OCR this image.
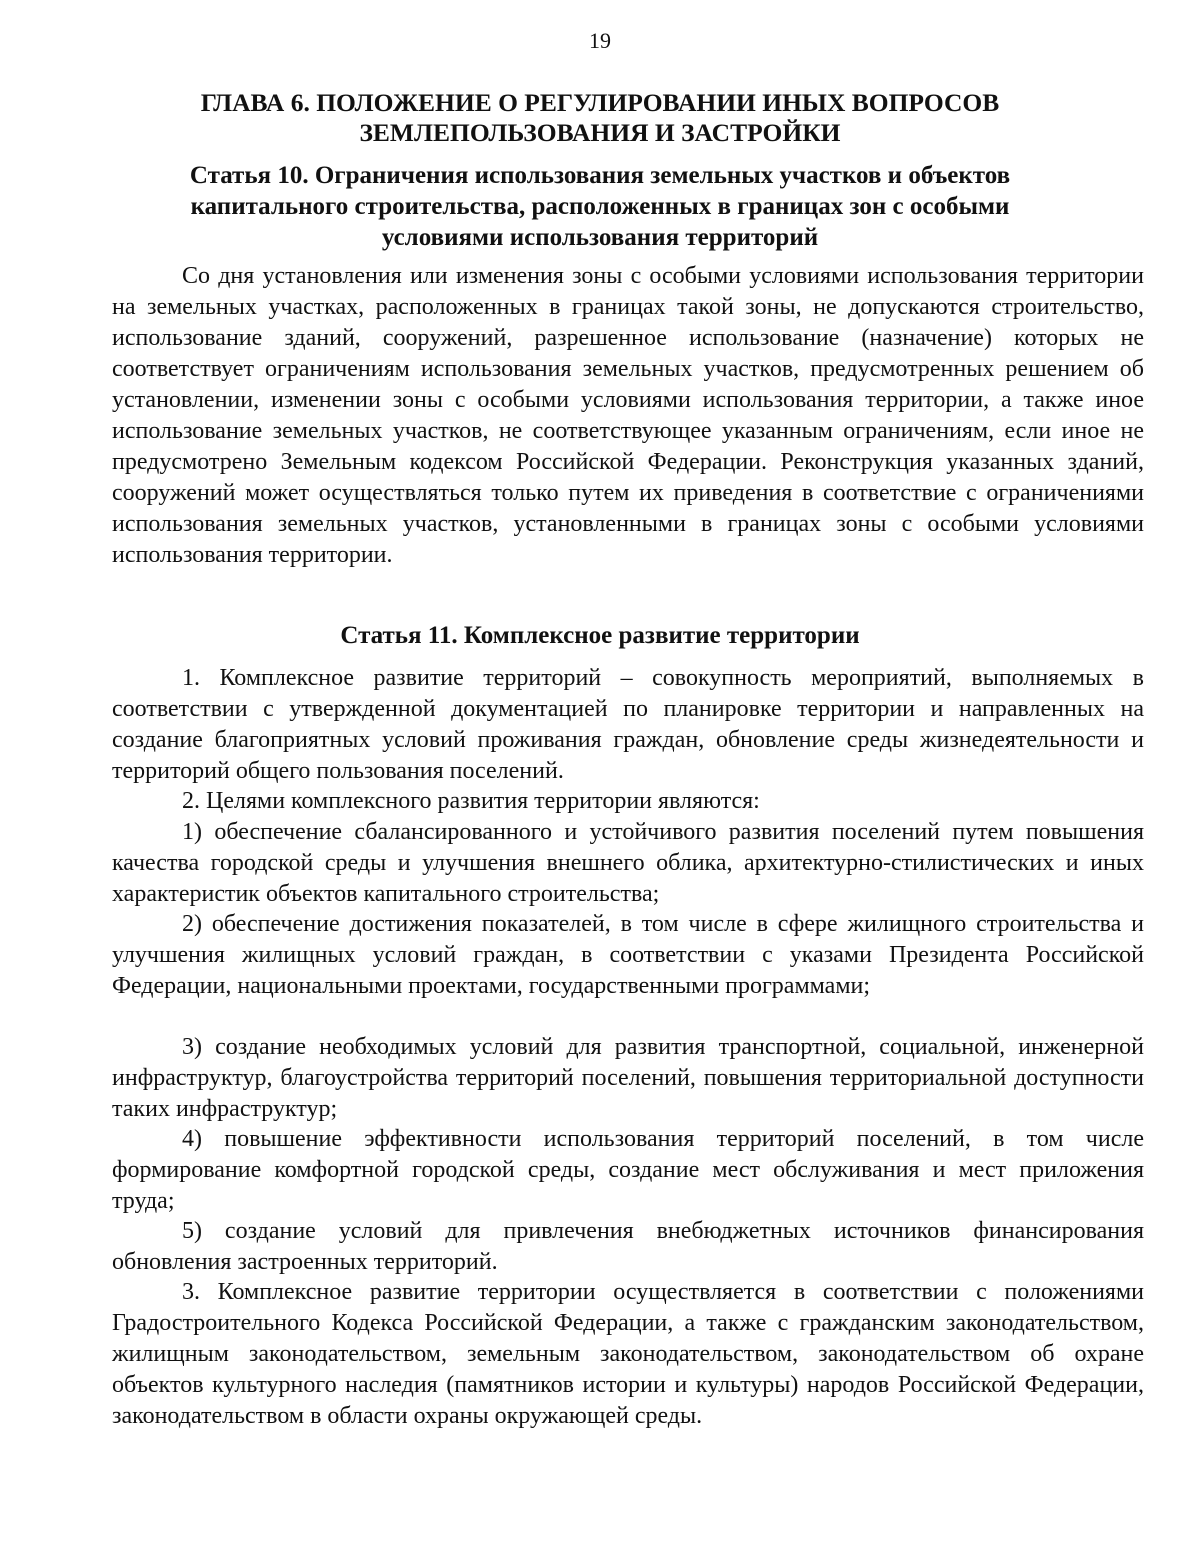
19
ГЛАВА 6. ПОЛОЖЕНИЕ О РЕГУЛИРОВАНИИ ИНЫХ ВОПРОСОВ ЗЕМЛЕПОЛЬЗОВАНИЯ И ЗАСТРОЙКИ
Статья 10. Ограничения использования земельных участков и объектов капитального строительства, расположенных в границах зон с особыми условиями использования территорий
Со дня установления или изменения зоны с особыми условиями использования территории на земельных участках, расположенных в границах такой зоны, не допускаются строительство, использование зданий, сооружений, разрешенное использование (назначение) которых не соответствует ограничениям использования земельных участков, предусмотренных решением об установлении, изменении зоны с особыми условиями использования территории, а также иное использование земельных участков, не соответствующее указанным ограничениям, если иное не предусмотрено Земельным кодексом Российской Федерации. Реконструкция указанных зданий, сооружений может осуществляться только путем их приведения в соответствие с ограничениями использования земельных участков, установленными в границах зоны с особыми условиями использования территории.
Статья 11. Комплексное развитие территории
1. Комплексное развитие территорий – совокупность мероприятий, выполняемых в соответствии с утвержденной документацией по планировке территории и направленных на создание благоприятных условий проживания граждан, обновление среды жизнедеятельности и территорий общего пользования поселений.
2. Целями комплексного развития территории являются:
1) обеспечение сбалансированного и устойчивого развития поселений путем повышения качества городской среды и улучшения внешнего облика, архитектурно-стилистических и иных характеристик объектов капитального строительства;
2) обеспечение достижения показателей, в том числе в сфере жилищного строительства и улучшения жилищных условий граждан, в соответствии с указами Президента Российской Федерации, национальными проектами, государственными программами;
3) создание необходимых условий для развития транспортной, социальной, инженерной инфраструктур, благоустройства территорий поселений, повышения территориальной доступности таких инфраструктур;
4) повышение эффективности использования территорий поселений, в том числе формирование комфортной городской среды, создание мест обслуживания и мест приложения труда;
5) создание условий для привлечения внебюджетных источников финансирования обновления застроенных территорий.
3. Комплексное развитие территории осуществляется в соответствии с положениями Градостроительного Кодекса Российской Федерации, а также с гражданским законодательством, жилищным законодательством, земельным законодательством, законодательством об охране объектов культурного наследия (памятников истории и культуры) народов Российской Федерации, законодательством в области охраны окружающей среды.
